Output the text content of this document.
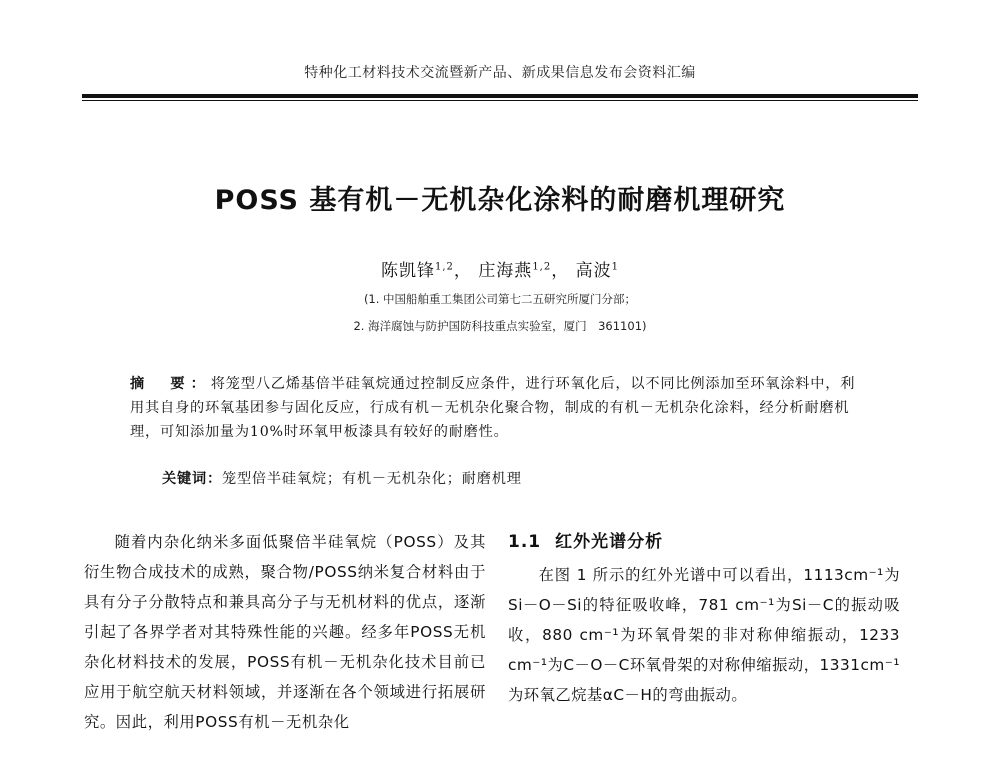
特种化工材料技术交流暨新产品、新成果信息发布会资料汇编
POSS 基有机－无机杂化涂料的耐磨机理研究
陈凯锋$^{1,2}$， 庄海燕$^{1,2}$， 高波$^1$
(1. 中国船舶重工集团公司第七二五研究所厦门分部；
2. 海洋腐蚀与防护国防科技重点实验室，厦门　361101)
摘　要：将笼型八乙烯基倍半硅氧烷通过控制反应条件，进行环氧化后，以不同比例添加至环氧涂料中，利用其自身的环氧基团参与固化反应，行成有机－无机杂化聚合物，制成的有机－无机杂化涂料，经分析耐磨机理，可知添加量为10%时环氧甲板漆具有较好的耐磨性。
关键词：笼型倍半硅氧烷；有机－无机杂化；耐磨机理

随着内杂化纳米多面低聚倍半硅氧烷（POSS）及其衍生物合成技术的成熟，聚合物/POSS纳米复合材料由于具有分子分散特点和兼具高分子与无机材料的优点，逐渐引起了各界学者对其特殊性能的兴趣。经多年POSS无机杂化材料技术的发展，POSS有机－无机杂化技术目前已应用于航空航天材料领域，并逐渐在各个领域进行拓展研究。因此，利用POSS有机－无机杂化

1.1 红外光谱分析

在图 1 所示的红外光谱中可以看出，1113cm⁻¹为Si－O－Si的特征吸收峰，781 cm⁻¹为Si－C的振动吸收，880 cm⁻¹为环氧骨架的非对称伸缩振动，1233 cm⁻¹为C－O－C环氧骨架的对称伸缩振动，1331cm⁻¹为环氧乙烷基αC－H的弯曲振动。
